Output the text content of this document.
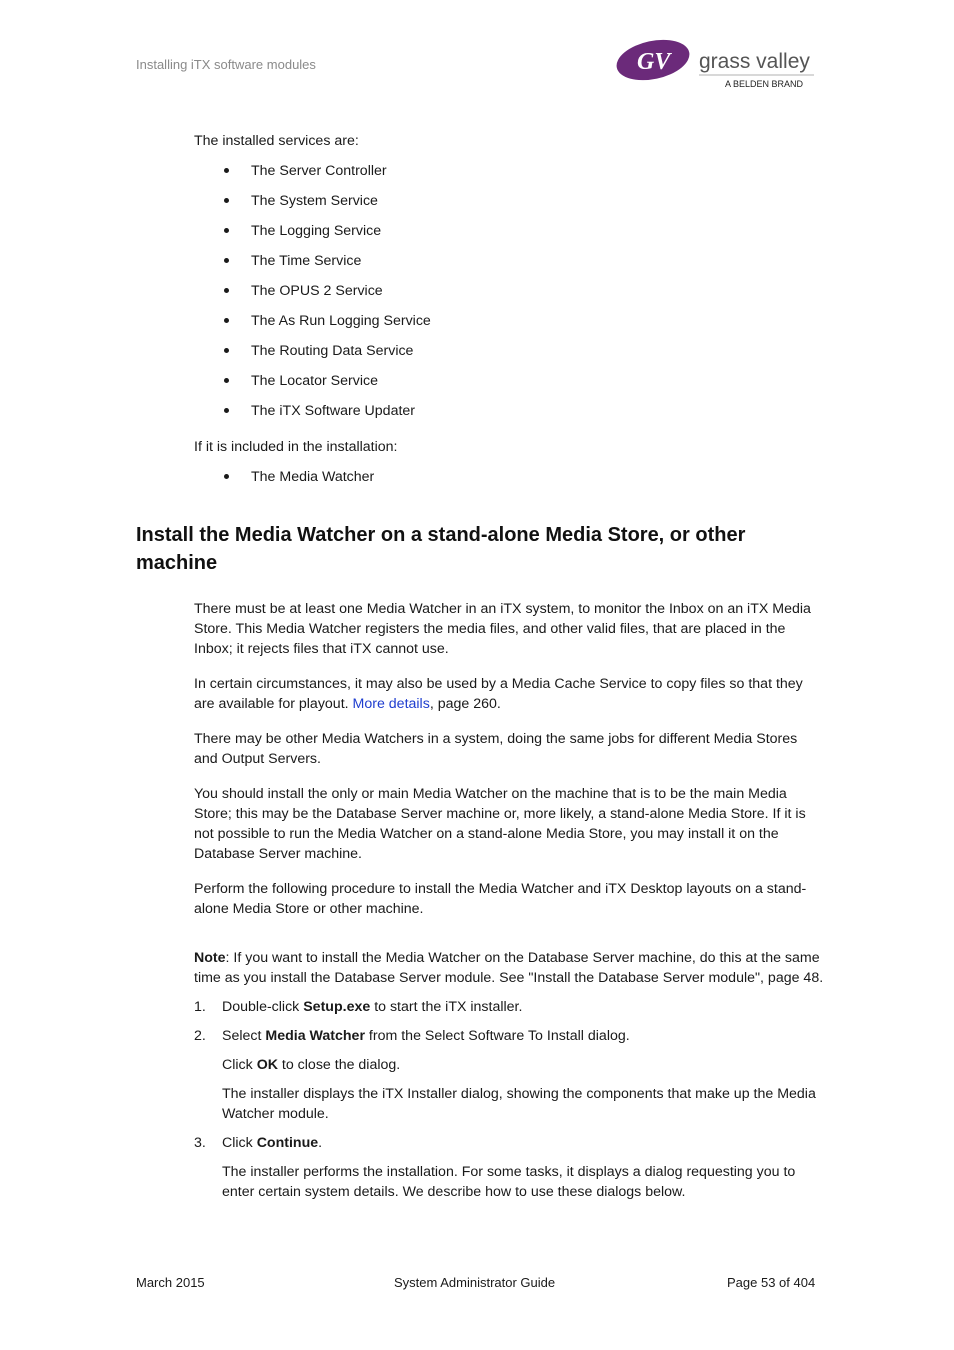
Installing iTX software modules	GV grass valley
A BELDEN BRAND

The installed services are:

The Server Controller
The System Service
The Logging Service
The Time Service
The OPUS 2 Service
The As Run Logging Service
The Routing Data Service
The Locator Service
The iTX Software Updater

If it is included in the installation:

The Media Watcher
Install the Media Watcher on a stand-alone Media Store, or other machine

There must be at least one Media Watcher in an iTX system, to monitor the Inbox on an iTX Media Store. This Media Watcher registers the media files, and other valid files, that are placed in the Inbox; it rejects files that iTX cannot use.

In certain circumstances, it may also be used by a Media Cache Service to copy files so that they are available for playout. More details, page 260.

There may be other Media Watchers in a system, doing the same jobs for different Media Stores and Output Servers.

You should install the only or main Media Watcher on the machine that is to be the main Media Store; this may be the Database Server machine or, more likely, a stand-alone Media Store. If it is not possible to run the Media Watcher on a stand-alone Media Store, you may install it on the Database Server machine.

Perform the following procedure to install the Media Watcher and iTX Desktop layouts on a stand-alone Media Store or other machine.

Note: If you want to install the Media Watcher on the Database Server machine, do this at the same time as you install the Database Server module. See "Install the Database Server module", page 48.

1. Double-click Setup.exe to start the iTX installer.
2. Select Media Watcher from the Select Software To Install dialog.
Click OK to close the dialog.
The installer displays the iTX Installer dialog, showing the components that make up the Media Watcher module.
3. Click Continue.
The installer performs the installation. For some tasks, it displays a dialog requesting you to enter certain system details. We describe how to use these dialogs below.
March 2015	System Administrator Guide	Page 53 of 404
